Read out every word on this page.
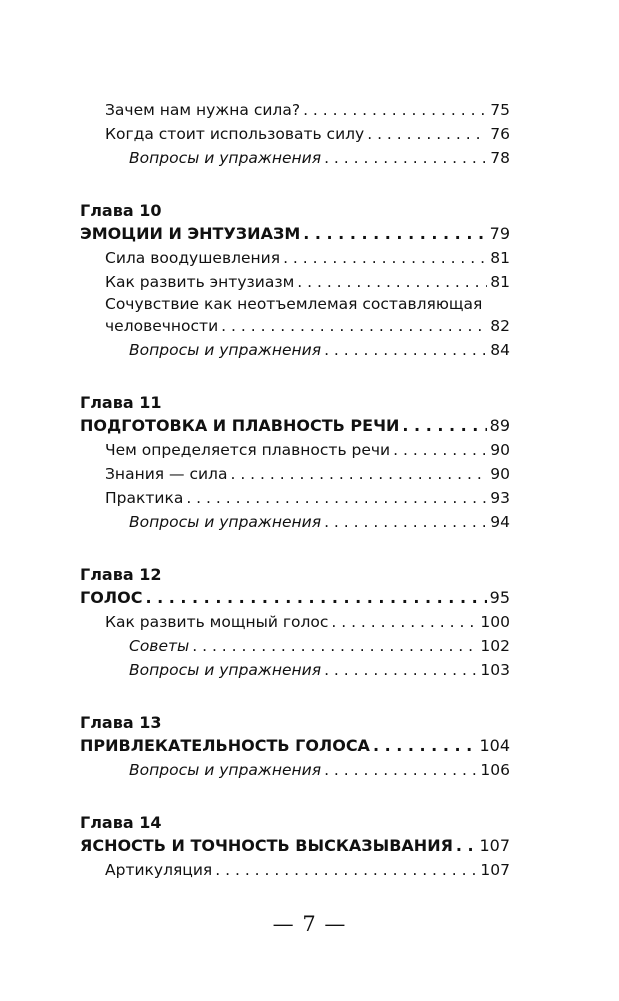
Зачем нам нужна сила? . . .	75
Когда стоит использовать силу . . .	76
Вопросы и упражнения . . .	78
Глава 10
ЭМОЦИИ И ЭНТУЗИАЗМ . . .	79
Сила воодушевления . . .	81
Как развить энтузиазм . . .	81
Сочувствие как неотъемлемая составляющая
человечности . . .	82
Вопросы и упражнения . . .	84
Глава 11
ПОДГОТОВКА И ПЛАВНОСТЬ РЕЧИ . . .	89
Чем определяется плавность речи . . .	90
Знания — сила . . .	90
Практика . . .	93
Вопросы и упражнения . . .	94
Глава 12
ГОЛОС . . .	95
Как развить мощный голос . . .	100
Советы . . .	102
Вопросы и упражнения . . .	103
Глава 13
ПРИВЛЕКАТЕЛЬНОСТЬ ГОЛОСА . . .	104
Вопросы и упражнения . . .	106
Глава 14
ЯСНОСТЬ И ТОЧНОСТЬ ВЫСКАЗЫВАНИЯ . . . 107
Артикуляция . . .	107
— 7 —
